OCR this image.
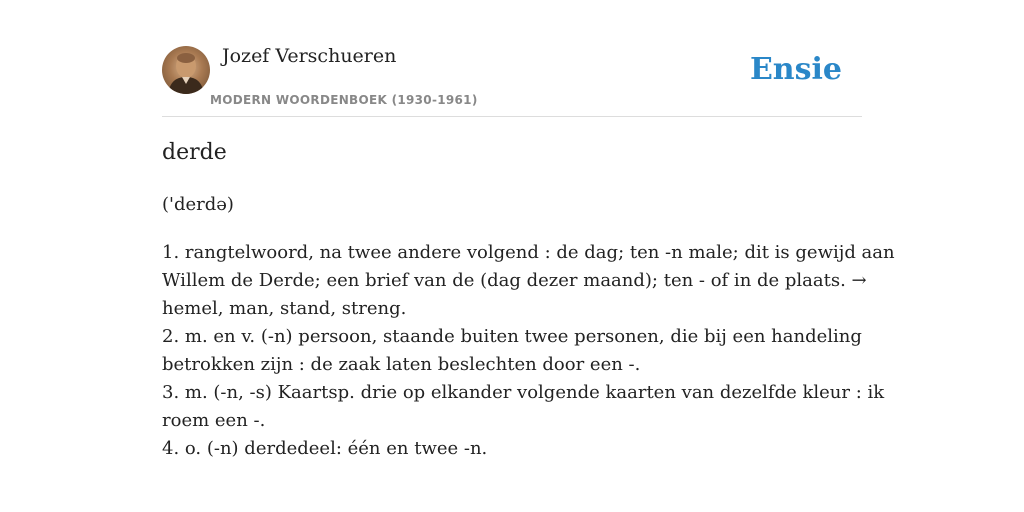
Jozef Verschueren
MODERN WOORDENBOEK (1930-1961)
Ensie
derde
('derdə)
1. rangtelwoord, na twee andere volgend : de dag; ten -n male; dit is gewijd aan
Willem de Derde; een brief van de (dag dezer maand); ten - of in de plaats. →
hemel, man, stand, streng.
2. m. en v. (-n) persoon, staande buiten twee personen, die bij een handeling
betrokken zijn : de zaak laten beslechten door een -.
3. m. (-n, -s) Kaartsp. drie op elkander volgende kaarten van dezelfde kleur : ik
roem een -.
4. o. (-n) derdedeel: één en twee -n.
